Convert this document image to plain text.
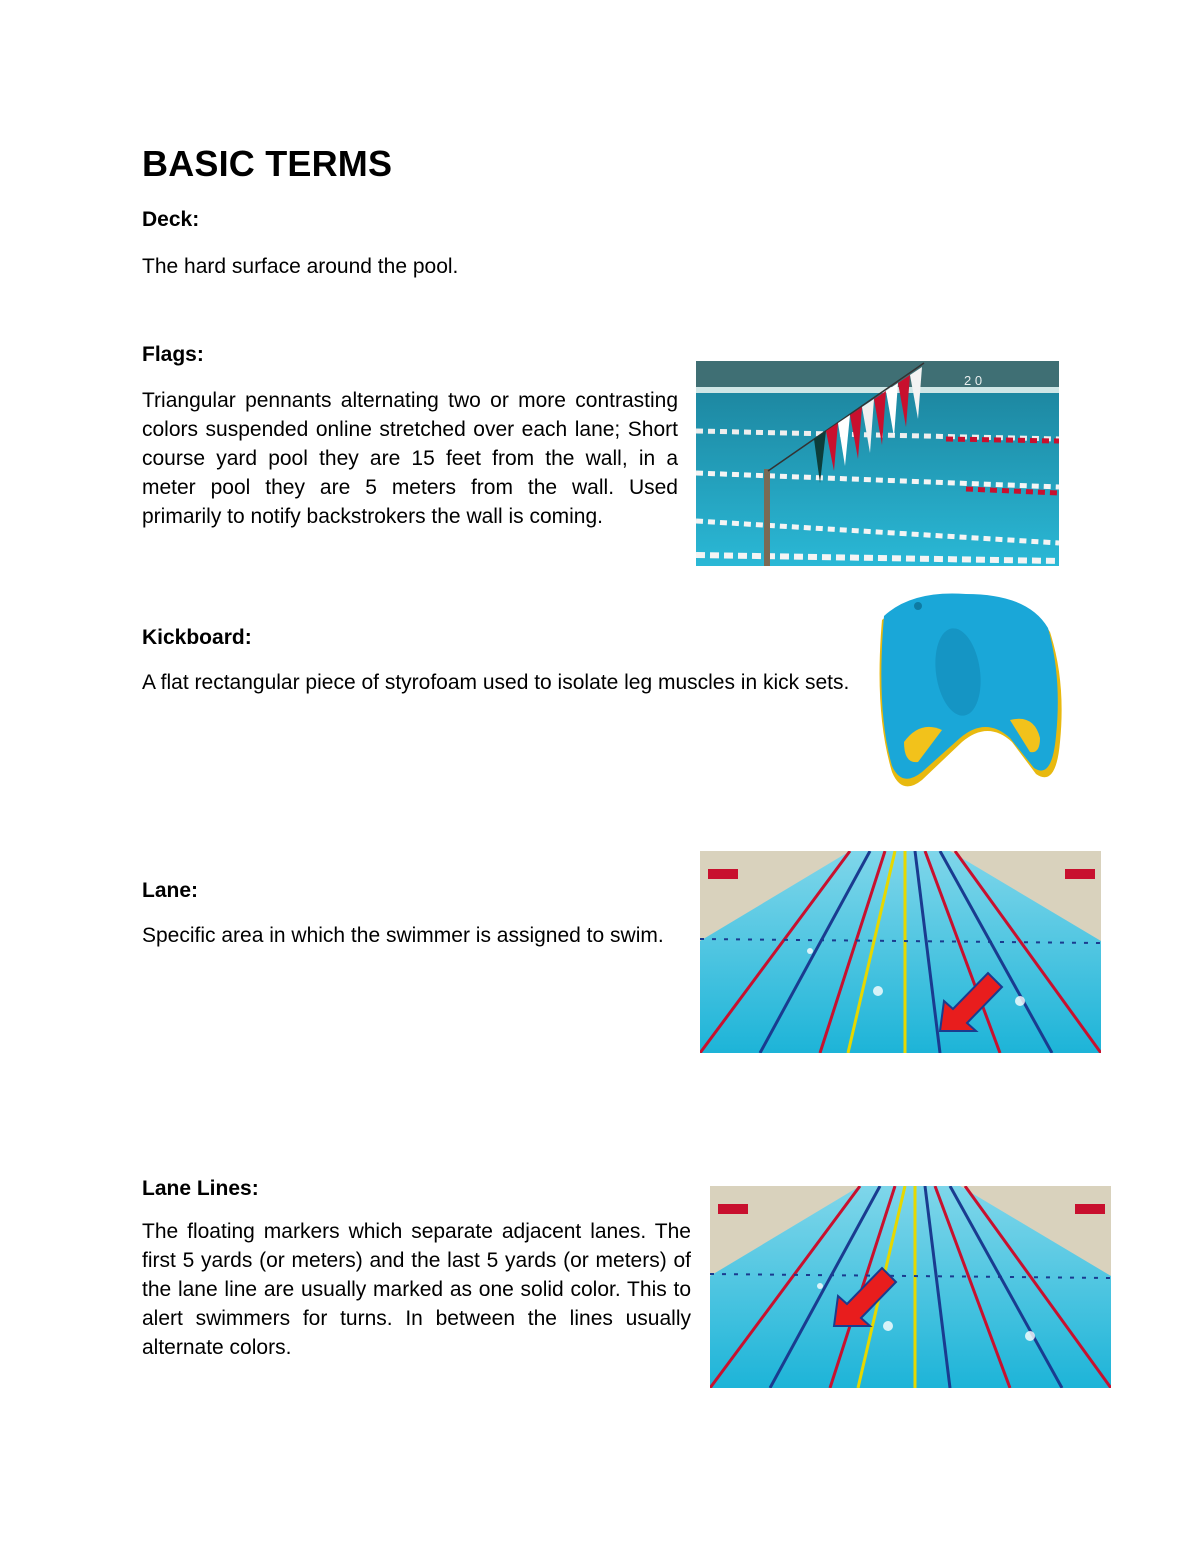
BASIC TERMS
Deck:
The hard surface around the pool.
Flags:
Triangular pennants alternating two or more contrasting colors suspended online stretched over each lane; Short course yard pool they are 15 feet from the wall, in a meter pool they are 5 meters from the wall. Used primarily to notify backstrokers the wall is coming.
2 0
Kickboard:
A flat rectangular piece of styrofoam used to isolate leg muscles in kick sets.
Lane:
Specific area in which the swimmer is assigned to swim.
Lane Lines:
The floating markers which separate adjacent lanes. The first 5 yards (or meters) and the last 5 yards (or meters) of the lane line are usually marked as one solid color. This to alert swimmers for turns. In between the lines usually alternate colors.
